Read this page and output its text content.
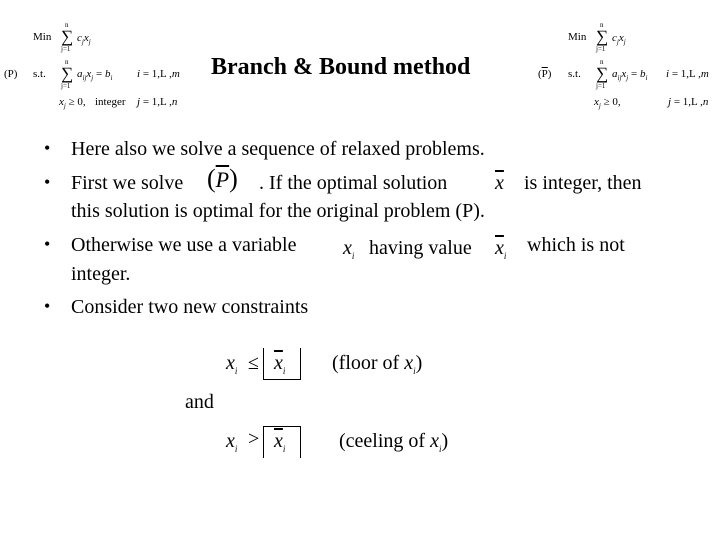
Min
n
∑
j=1
$c_jx_j$
(P) s.t.
n
∑
j=1
$a_{ij}x_j = b_i$ i = 1,L ,m
$x_j \ge 0$, integer j = 1,L ,n
Branch & Bound method
Min
n
∑
j=1
$c_jx_j$
$(\overline{P})$ s.t.
n
∑
j=1
$a_{ij}x_j = b_i$ i = 1,L ,m
$x_j \ge 0$,	j = 1,L ,n
• Here also we solve a sequence of relaxed problems.
• First we solve $(\overline{P})$ . If the optimal solution $\overline{x}$ is integer, then
this solution is optimal for the original problem (P).
• Otherwise we use a variable $x_i$ having value $\overline{x}_i$ which is not
integer.
• Consider two new constraints
$x_i \le \overline{x}_i$ (floor of $x_i$)
and
$x_i > \overline{x}_i$	(ceeling of $x_i$)
